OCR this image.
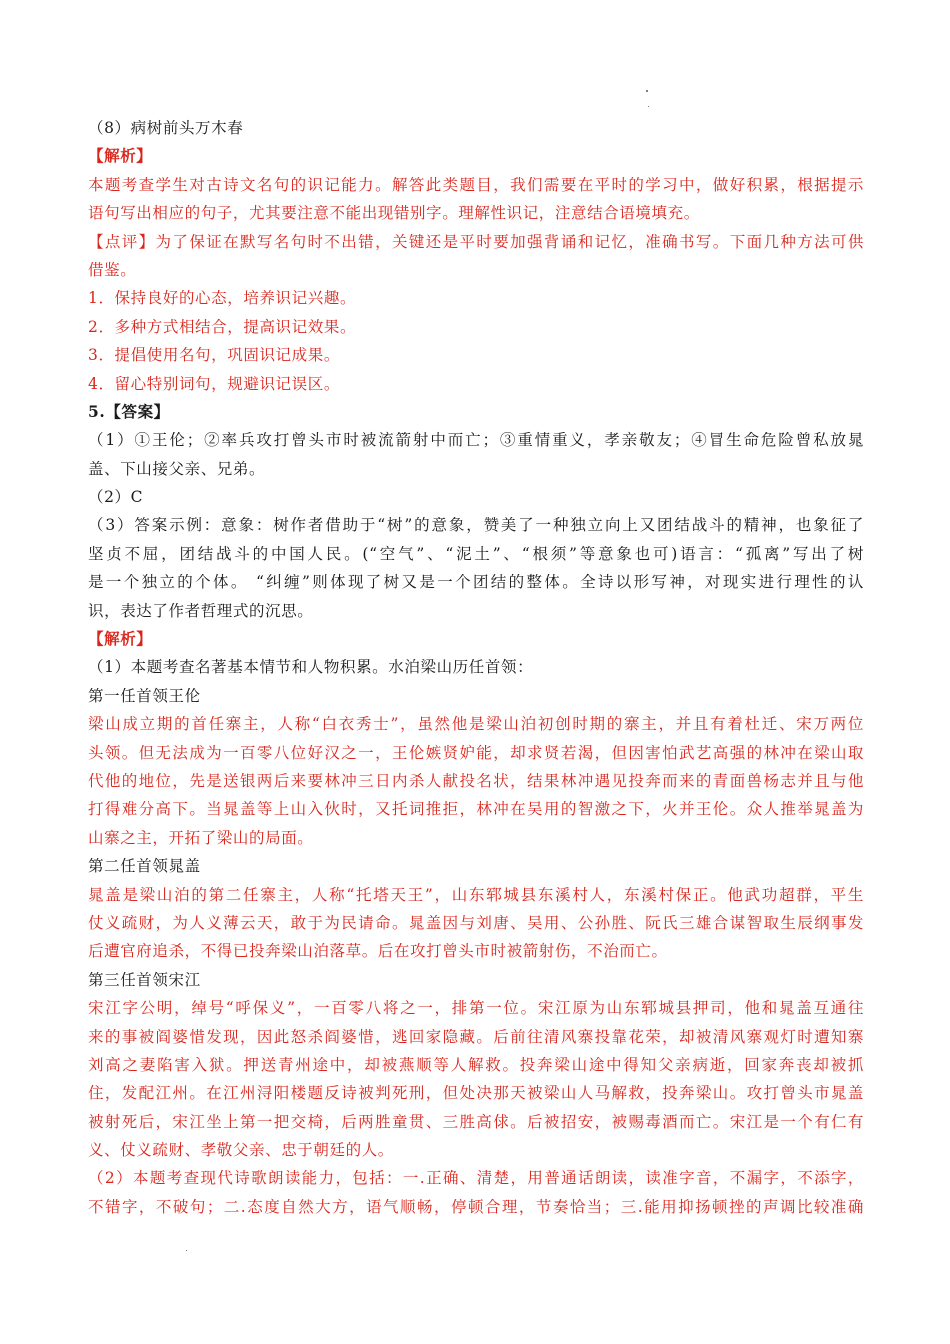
（8）病树前头万木春
【解析】
本题考查学生对古诗文名句的识记能力。解答此类题目，我们需要在平时的学习中，做好积累，根据提示
语句写出相应的句子，尤其要注意不能出现错别字。理解性识记，注意结合语境填充。
【点评】为了保证在默写名句时不出错，关键还是平时要加强背诵和记忆，准确书写。下面几种方法可供
借鉴。
1．保持良好的心态，培养识记兴趣。
2．多种方式相结合，提高识记效果。
3．提倡使用名句，巩固识记成果。
4．留心特别词句，规避识记误区。
5.【答案】
（1）①王伦；②率兵攻打曾头市时被流箭射中而亡；③重情重义，孝亲敬友；④冒生命危险曾私放晁
盖、下山接父亲、兄弟。
（2）C
（3）答案示例：意象：树作者借助于“树”的意象，赞美了一种独立向上又团结战斗的精神，也象征了
坚贞不屈，团结战斗的中国人民。(“空气”、“泥土”、“根须”等意象也可)语言：“孤离”写出了树
是一个独立的个体。 “纠缠”则体现了树又是一个团结的整体。全诗以形写神，对现实进行理性的认
识，表达了作者哲理式的沉思。
【解析】
（1）本题考查名著基本情节和人物积累。水泊梁山历任首领：
第一任首领王伦
梁山成立期的首任寨主，人称“白衣秀士”，虽然他是梁山泊初创时期的寨主，并且有着杜迁、宋万两位
头领。但无法成为一百零八位好汉之一，王伦嫉贤妒能，却求贤若渴，但因害怕武艺高强的林冲在梁山取
代他的地位，先是送银两后来要林冲三日内杀人献投名状，结果林冲遇见投奔而来的青面兽杨志并且与他
打得难分高下。当晁盖等上山入伙时，又托词推拒，林冲在吴用的智激之下，火并王伦。众人推举晁盖为
山寨之主，开拓了梁山的局面。
第二任首领晁盖
晁盖是梁山泊的第二任寨主，人称“托塔天王”，山东郓城县东溪村人，东溪村保正。他武功超群，平生
仗义疏财，为人义薄云天，敢于为民请命。晁盖因与刘唐、吴用、公孙胜、阮氏三雄合谋智取生辰纲事发
后遭官府追杀，不得已投奔梁山泊落草。后在攻打曾头市时被箭射伤，不治而亡。
第三任首领宋江
宋江字公明，绰号“呼保义”，一百零八将之一，排第一位。宋江原为山东郓城县押司，他和晁盖互通往
来的事被阎婆惜发现，因此怒杀阎婆惜，逃回家隐藏。后前往清风寨投靠花荣，却被清风寨观灯时遭知寨
刘高之妻陷害入狱。押送青州途中，却被燕顺等人解救。投奔梁山途中得知父亲病逝，回家奔丧却被抓
住，发配江州。在江州浔阳楼题反诗被判死刑，但处决那天被梁山人马解救，投奔梁山。攻打曾头市晁盖
被射死后，宋江坐上第一把交椅，后两胜童贯、三胜高俅。后被招安，被赐毒酒而亡。宋江是一个有仁有
义、仗义疏财、孝敬父亲、忠于朝廷的人。
（2）本题考查现代诗歌朗读能力，包括：一.正确、清楚，用普通话朗读，读准字音，不漏字，不添字，
不错字，不破句；二.态度自然大方，语气顺畅，停顿合理，节奏恰当；三.能用抑扬顿挫的声调比较准确
